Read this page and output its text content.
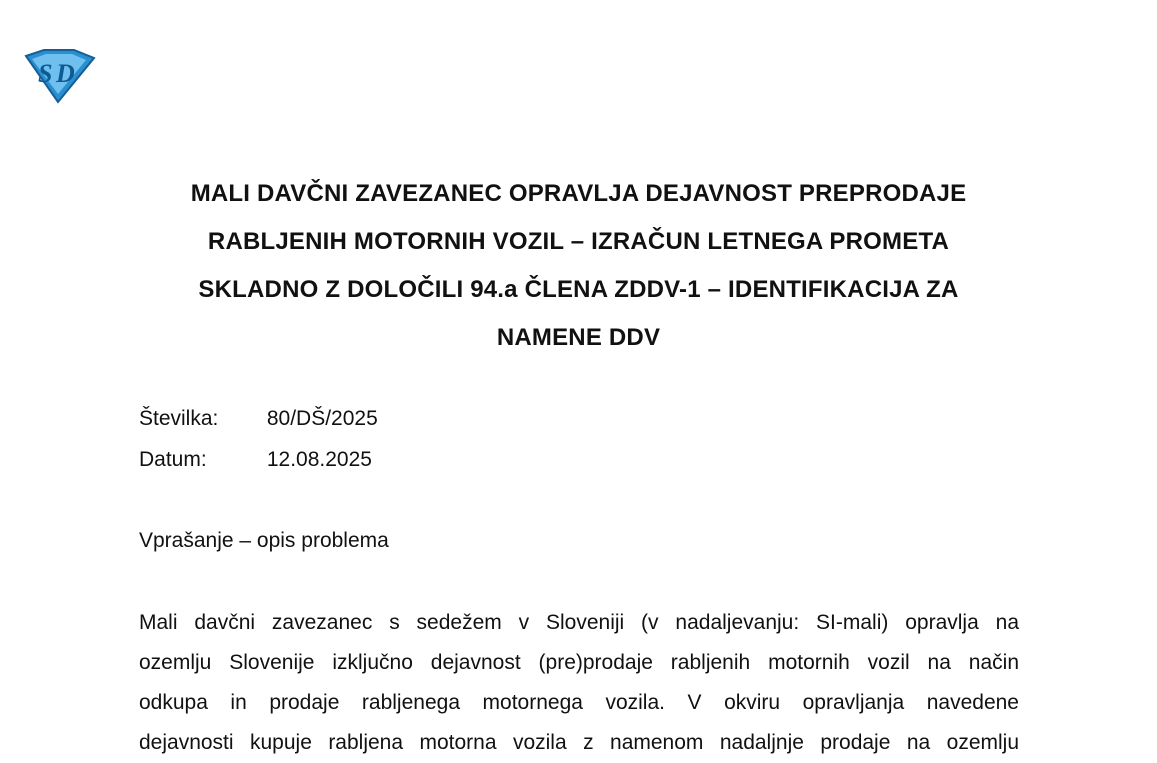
S D
MALI DAVČNI ZAVEZANEC OPRAVLJA DEJAVNOST PREPRODAJE
RABLJENIH MOTORNIH VOZIL – IZRAČUN LETNEGA PROMETA
SKLADNO Z DOLOČILI 94.a ČLENA ZDDV-1 – IDENTIFIKACIJA ZA
NAMENE DDV
Številka: 80/DŠ/2025
Datum:	12.08.2025
Vprašanje – opis problema
Mali davčni zavezanec s sedežem v Sloveniji (v nadaljevanju: SI-mali) opravlja na
ozemlju Slovenije izključno dejavnost (pre)prodaje rabljenih motornih vozil na način
odkupa in prodaje rabljenega motornega vozila. V okviru opravljanja navedene
dejavnosti kupuje rabljena motorna vozila z namenom nadaljnje prodaje na ozemlju
